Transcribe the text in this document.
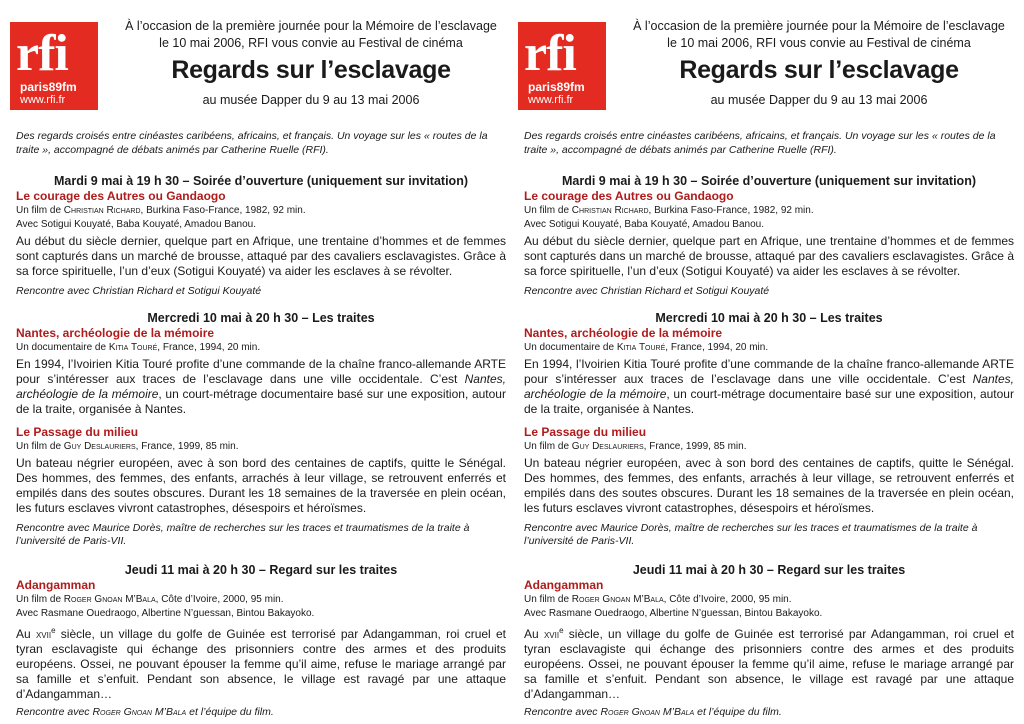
rfi
paris89fm
www.rfi.fr
À l’occasion de la première journée pour la Mémoire de l’esclavage
le 10 mai 2006, RFI vous convie au Festival de cinéma
Regards sur l’esclavage
au musée Dapper du 9 au 13 mai 2006
Des regards croisés entre cinéastes caribéens, africains, et français. Un voyage sur les « routes de la traite », accompagné de débats animés par Catherine Ruelle (RFI).
Mardi 9 mai à 19 h 30 – Soirée d’ouverture (uniquement sur invitation)
Le courage des Autres ou Gandaogo
Un film de Christian Richard, Burkina Faso-France, 1982, 92 min.
Avec Sotigui Kouyaté, Baba Kouyaté, Amadou Banou.
Au début du siècle dernier, quelque part en Afrique, une trentaine d’hommes et de femmes sont capturés dans un marché de brousse, attaqué par des cavaliers esclavagistes. Grâce à sa force spirituelle, l’un d’eux (Sotigui Kouyaté) va aider les esclaves à se révolter.
Rencontre avec Christian Richard et Sotigui Kouyaté
Mercredi 10 mai à 20 h 30 – Les traites
Nantes, archéologie de la mémoire
Un documentaire de Kitia Touré, France, 1994, 20 min.
En 1994, l’Ivoirien Kitia Touré profite d’une commande de la chaîne franco-allemande ARTE pour s’intéresser aux traces de l’esclavage dans une ville occidentale. C’est Nantes, archéologie de la mémoire, un court-métrage documentaire basé sur une exposition, autour de la traite, organisée à Nantes.
Le Passage du milieu
Un film de Guy Deslauriers, France, 1999, 85 min.
Un bateau négrier européen, avec à son bord des centaines de captifs, quitte le Sénégal. Des hommes, des femmes, des enfants, arrachés à leur village, se retrouvent enferrés et empilés dans des soutes obscures. Durant les 18 semaines de la traversée en plein océan, les futurs esclaves vivront catastrophes, désespoirs et héroïsmes.
Rencontre avec Maurice Dorès, maître de recherches sur les traces et traumatismes de la traite à l’université de Paris-VII.
Jeudi 11 mai à 20 h 30 – Regard sur les traites
Adangamman
Un film de Roger Gnoan M’Bala, Côte d’Ivoire, 2000, 95 min.
Avec Rasmane Ouedraogo, Albertine N’guessan, Bintou Bakayoko.
Au xvii$^e$ siècle, un village du golfe de Guinée est terrorisé par Adangamman, roi cruel et tyran esclavagiste qui échange des prisonniers contre des armes et des produits européens. Ossei, ne pouvant épouser la femme qu’il aime, refuse le mariage arrangé par sa famille et s’enfuit. Pendant son absence, le village est ravagé par une attaque d’Adangamman…
Rencontre avec Roger Gnoan M’Bala et l’équipe du film.
rfi
paris89fm
www.rfi.fr
À l’occasion de la première journée pour la Mémoire de l’esclavage
le 10 mai 2006, RFI vous convie au Festival de cinéma
Regards sur l’esclavage
au musée Dapper du 9 au 13 mai 2006
Des regards croisés entre cinéastes caribéens, africains, et français. Un voyage sur les « routes de la traite », accompagné de débats animés par Catherine Ruelle (RFI).
Mardi 9 mai à 19 h 30 – Soirée d’ouverture (uniquement sur invitation)
Le courage des Autres ou Gandaogo
Un film de Christian Richard, Burkina Faso-France, 1982, 92 min.
Avec Sotigui Kouyaté, Baba Kouyaté, Amadou Banou.
Au début du siècle dernier, quelque part en Afrique, une trentaine d’hommes et de femmes sont capturés dans un marché de brousse, attaqué par des cavaliers esclavagistes. Grâce à sa force spirituelle, l’un d’eux (Sotigui Kouyaté) va aider les esclaves à se révolter.
Rencontre avec Christian Richard et Sotigui Kouyaté
Mercredi 10 mai à 20 h 30 – Les traites
Nantes, archéologie de la mémoire
Un documentaire de Kitia Touré, France, 1994, 20 min.
En 1994, l’Ivoirien Kitia Touré profite d’une commande de la chaîne franco-allemande ARTE pour s’intéresser aux traces de l’esclavage dans une ville occidentale. C’est Nantes, archéologie de la mémoire, un court-métrage documentaire basé sur une exposition, autour de la traite, organisée à Nantes.
Le Passage du milieu
Un film de Guy Deslauriers, France, 1999, 85 min.
Un bateau négrier européen, avec à son bord des centaines de captifs, quitte le Sénégal. Des hommes, des femmes, des enfants, arrachés à leur village, se retrouvent enferrés et empilés dans des soutes obscures. Durant les 18 semaines de la traversée en plein océan, les futurs esclaves vivront catastrophes, désespoirs et héroïsmes.
Rencontre avec Maurice Dorès, maître de recherches sur les traces et traumatismes de la traite à l’université de Paris-VII.
Jeudi 11 mai à 20 h 30 – Regard sur les traites
Adangamman
Un film de Roger Gnoan M’Bala, Côte d’Ivoire, 2000, 95 min.
Avec Rasmane Ouedraogo, Albertine N’guessan, Bintou Bakayoko.
Au xvii$^e$ siècle, un village du golfe de Guinée est terrorisé par Adangamman, roi cruel et tyran esclavagiste qui échange des prisonniers contre des armes et des produits européens. Ossei, ne pouvant épouser la femme qu’il aime, refuse le mariage arrangé par sa famille et s’enfuit. Pendant son absence, le village est ravagé par une attaque d’Adangamman…
Rencontre avec Roger Gnoan M’Bala et l’équipe du film.
